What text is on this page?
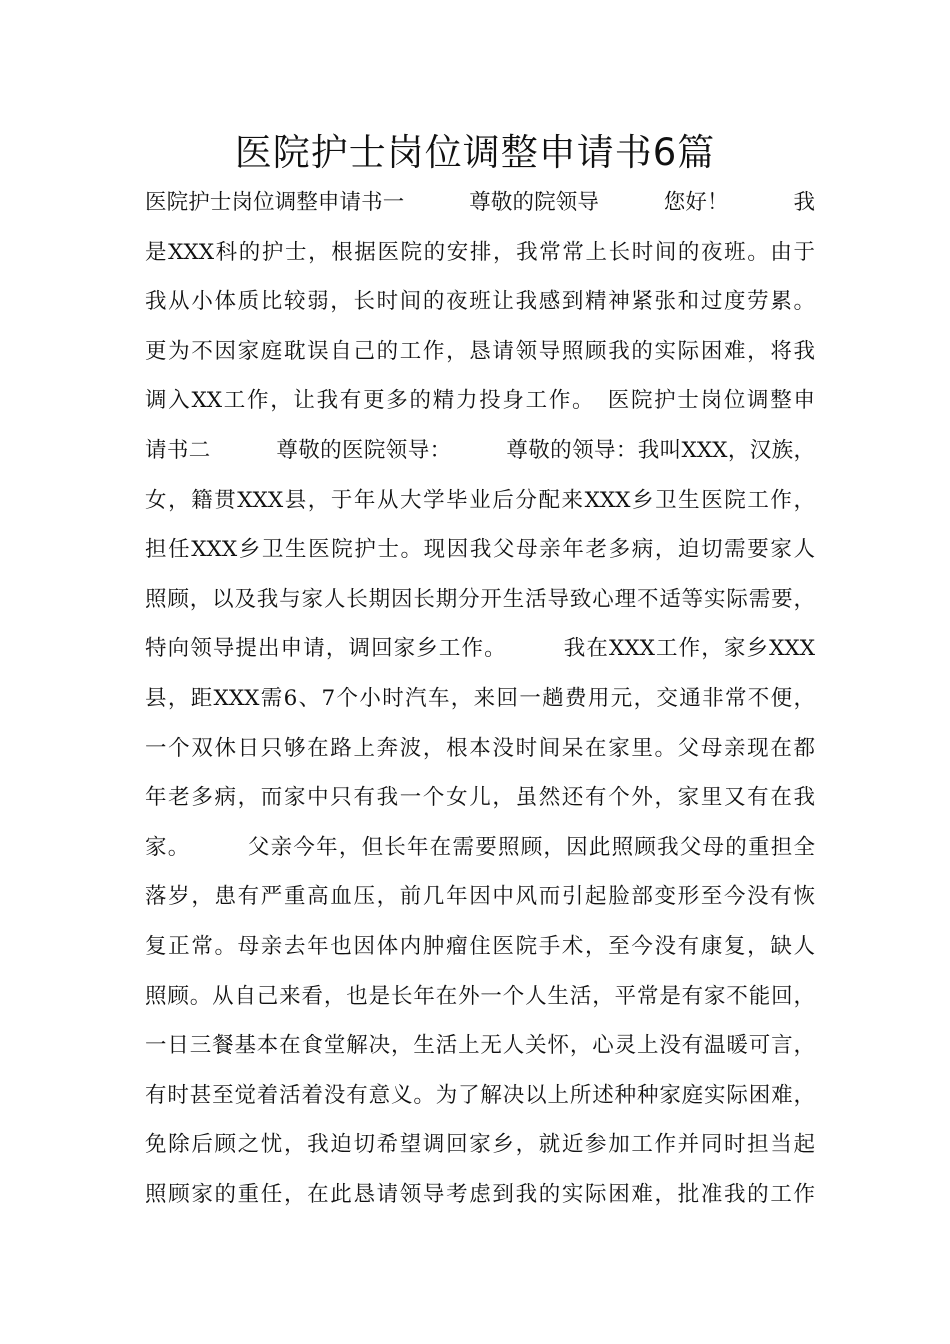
医院护士岗位调整申请书6篇
医院护士岗位调整申请书一　　　尊敬的院领导　　　您好！　　　我
是XXX科的护士，根据医院的安排，我常常上长时间的夜班。由于
我从小体质比较弱，长时间的夜班让我感到精神紧张和过度劳累。
更为不因家庭耽误自己的工作，恳请领导照顾我的实际困难，将我
调入XX工作，让我有更多的精力投身工作。　医院护士岗位调整申
请书二　　　尊敬的医院领导：　　　尊敬的领导：我叫XXX，汉族，
女，籍贯XXX县，于年从大学毕业后分配来XXX乡卫生医院工作，
担任XXX乡卫生医院护士。现因我父母亲年老多病，迫切需要家人
照顾，以及我与家人长期因长期分开生活导致心理不适等实际需要，
特向领导提出申请，调回家乡工作。　　　我在XXX工作，家乡XXX
县，距XXX需6、7个小时汽车，来回一趟费用元，交通非常不便，
一个双休日只够在路上奔波，根本没时间呆在家里。父母亲现在都
年老多病，而家中只有我一个女儿，虽然还有个外，家里又有在我
家。　　　父亲今年，但长年在需要照顾，因此照顾我父母的重担全
落岁，患有严重高血压，前几年因中风而引起脸部变形至今没有恢
复正常。母亲去年也因体内肿瘤住医院手术，至今没有康复，缺人
照顾。从自己来看，也是长年在外一个人生活，平常是有家不能回，
一日三餐基本在食堂解决，生活上无人关怀，心灵上没有温暖可言，
有时甚至觉着活着没有意义。为了解决以上所述种种家庭实际困难，
免除后顾之忧，我迫切希望调回家乡，就近参加工作并同时担当起
照顾家的重任，在此恳请领导考虑到我的实际困难，批准我的工作
